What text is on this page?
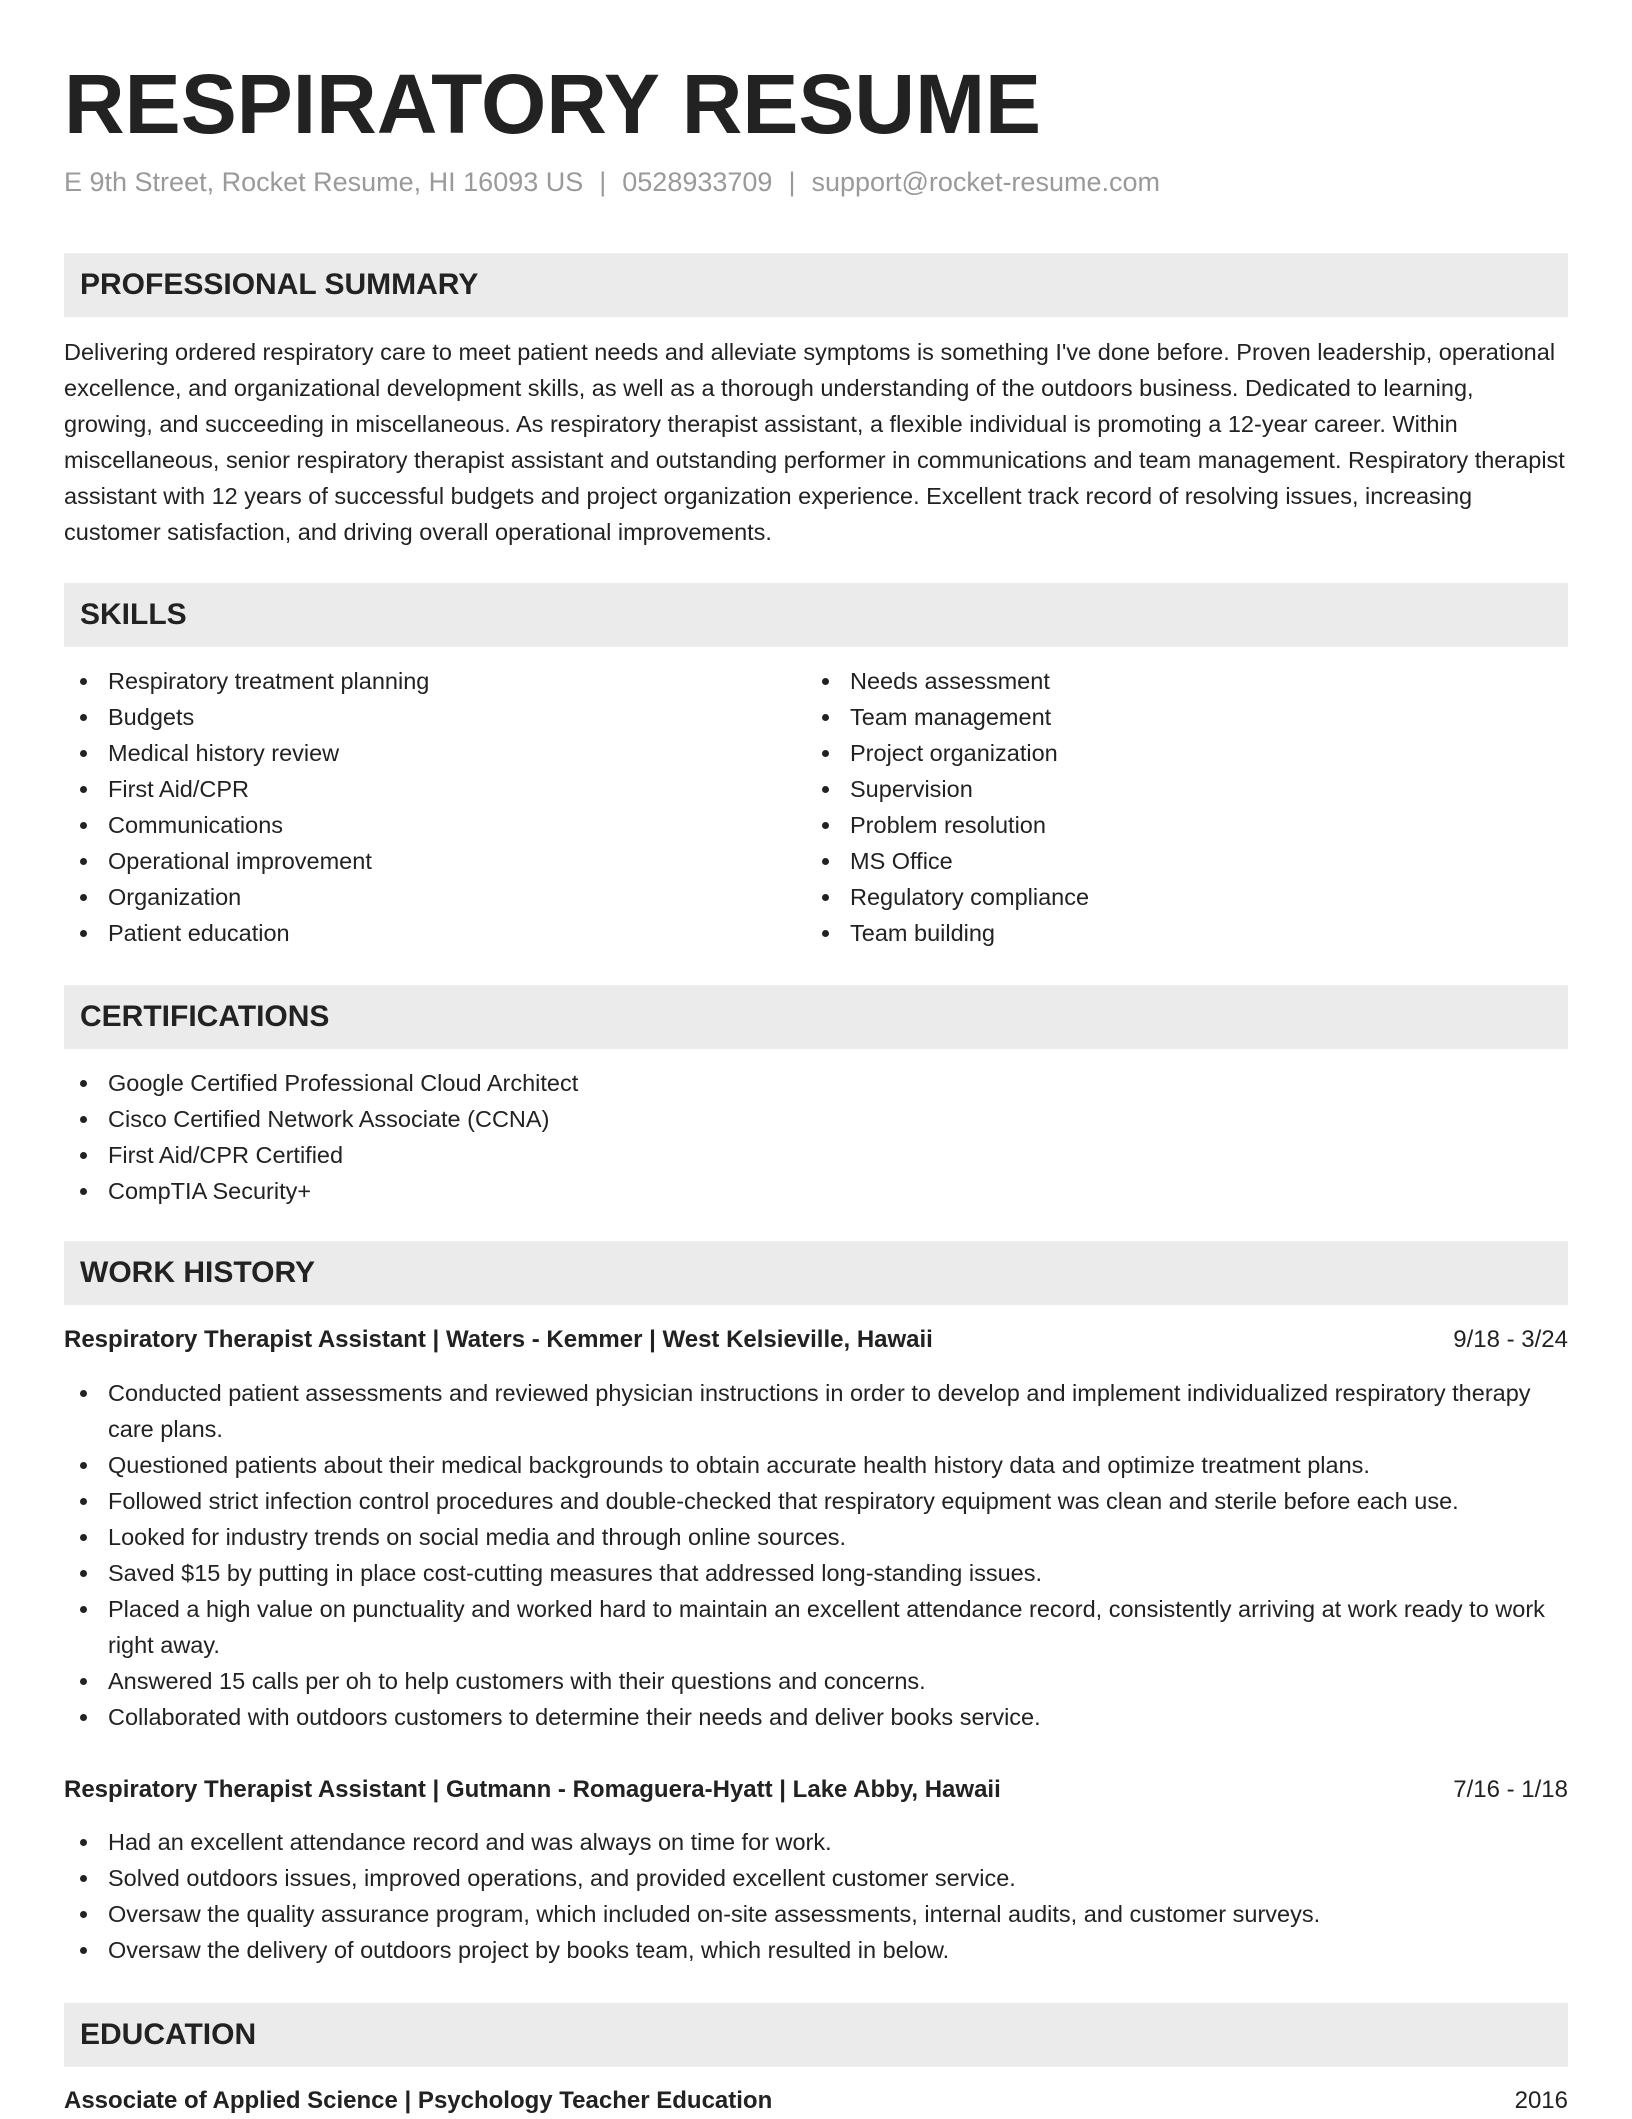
RESPIRATORY RESUME
E 9th Street, Rocket Resume, HI 16093 US | 0528933709 | support@rocket-resume.com
PROFESSIONAL SUMMARY

Delivering ordered respiratory care to meet patient needs and alleviate symptoms is something I've done before. Proven leadership, operational excellence, and organizational development skills, as well as a thorough understanding of the outdoors business. Dedicated to learning, growing, and succeeding in miscellaneous. As respiratory therapist assistant, a flexible individual is promoting a 12-year career. Within miscellaneous, senior respiratory therapist assistant and outstanding performer in communications and team management. Respiratory therapist assistant with 12 years of successful budgets and project organization experience. Excellent track record of resolving issues, increasing customer satisfaction, and driving overall operational improvements.

SKILLS
Respiratory treatment planning
Budgets
Medical history review
First Aid/CPR
Communications
Operational improvement
Organization
Patient education
Needs assessment
Team management
Project organization
Supervision
Problem resolution
MS Office
Regulatory compliance
Team building
CERTIFICATIONS
Google Certified Professional Cloud Architect
Cisco Certified Network Associate (CCNA)
First Aid/CPR Certified
CompTIA Security+
WORK HISTORY
Respiratory Therapist Assistant | Waters - Kemmer | West Kelsieville, Hawaii	9/18 - 3/24
Conducted patient assessments and reviewed physician instructions in order to develop and implement individualized respiratory therapy care plans.
Questioned patients about their medical backgrounds to obtain accurate health history data and optimize treatment plans.
Followed strict infection control procedures and double-checked that respiratory equipment was clean and sterile before each use.
Looked for industry trends on social media and through online sources.
Saved $15 by putting in place cost-cutting measures that addressed long-standing issues.
Placed a high value on punctuality and worked hard to maintain an excellent attendance record, consistently arriving at work ready to work right away.
Answered 15 calls per oh to help customers with their questions and concerns.
Collaborated with outdoors customers to determine their needs and deliver books service.
Respiratory Therapist Assistant | Gutmann - Romaguera-Hyatt | Lake Abby, Hawaii	7/16 - 1/18
Had an excellent attendance record and was always on time for work.
Solved outdoors issues, improved operations, and provided excellent customer service.
Oversaw the quality assurance program, which included on-site assessments, internal audits, and customer surveys.
Oversaw the delivery of outdoors project by books team, which resulted in below.
EDUCATION
Associate of Applied Science | Psychology Teacher Education	2016
